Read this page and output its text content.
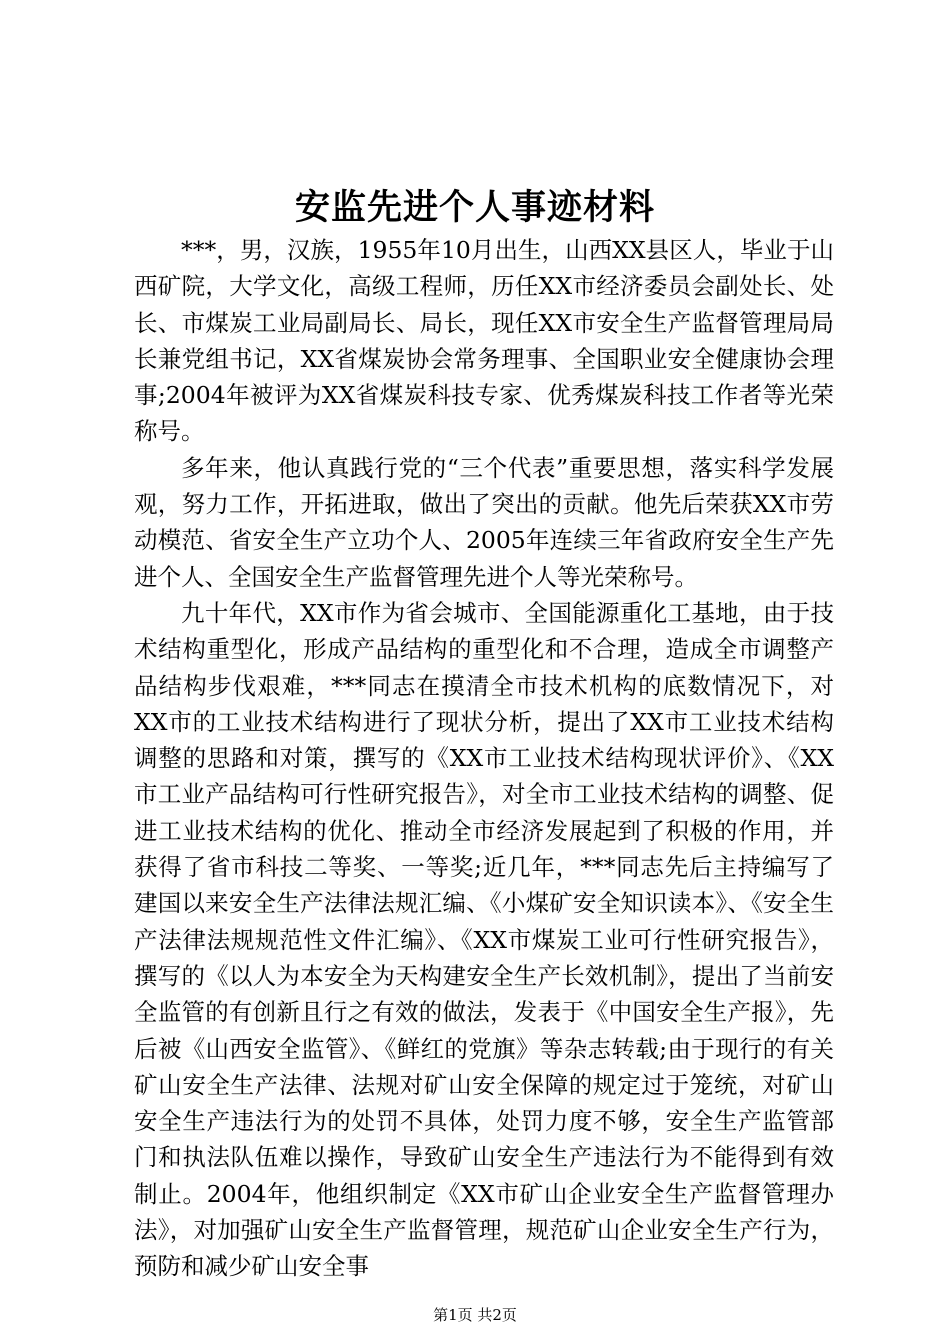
安监先进个人事迹材料

***，男，汉族，1955年10月出生，山西XX县区人，毕业于山西矿院，大学文化，高级工程师，历任XX市经济委员会副处长、处长、市煤炭工业局副局长、局长，现任XX市安全生产监督管理局局长兼党组书记，XX省煤炭协会常务理事、全国职业安全健康协会理事;2004年被评为XX省煤炭科技专家、优秀煤炭科技工作者等光荣称号。

多年来，他认真践行党的“三个代表”重要思想，落实科学发展观，努力工作，开拓进取，做出了突出的贡献。他先后荣获XX市劳动模范、省安全生产立功个人、2005年连续三年省政府安全生产先进个人、全国安全生产监督管理先进个人等光荣称号。

九十年代，XX市作为省会城市、全国能源重化工基地，由于技术结构重型化，形成产品结构的重型化和不合理，造成全市调整产品结构步伐艰难，***同志在摸清全市技术机构的底数情况下，对XX市的工业技术结构进行了现状分析，提出了XX市工业技术结构调整的思路和对策，撰写的《XX市工业技术结构现状评价》、《XX市工业产品结构可行性研究报告》，对全市工业技术结构的调整、促进工业技术结构的优化、推动全市经济发展起到了积极的作用，并获得了省市科技二等奖、一等奖;近几年，***同志先后主持编写了建国以来安全生产法律法规汇编、《小煤矿安全知识读本》、《安全生产法律法规规范性文件汇编》、《XX市煤炭工业可行性研究报告》，撰写的《以人为本安全为天构建安全生产长效机制》，提出了当前安全监管的有创新且行之有效的做法，发表于《中国安全生产报》，先后被《山西安全监管》、《鲜红的党旗》等杂志转载;由于现行的有关矿山安全生产法律、法规对矿山安全保障的规定过于笼统，对矿山安全生产违法行为的处罚不具体，处罚力度不够，安全生产监管部门和执法队伍难以操作，导致矿山安全生产违法行为不能得到有效制止。2004年，他组织制定《XX市矿山企业安全生产监督管理办法》，对加强矿山安全生产监督管理，规范矿山企业安全生产行为，预防和减少矿山安全事

第1页 共2页
